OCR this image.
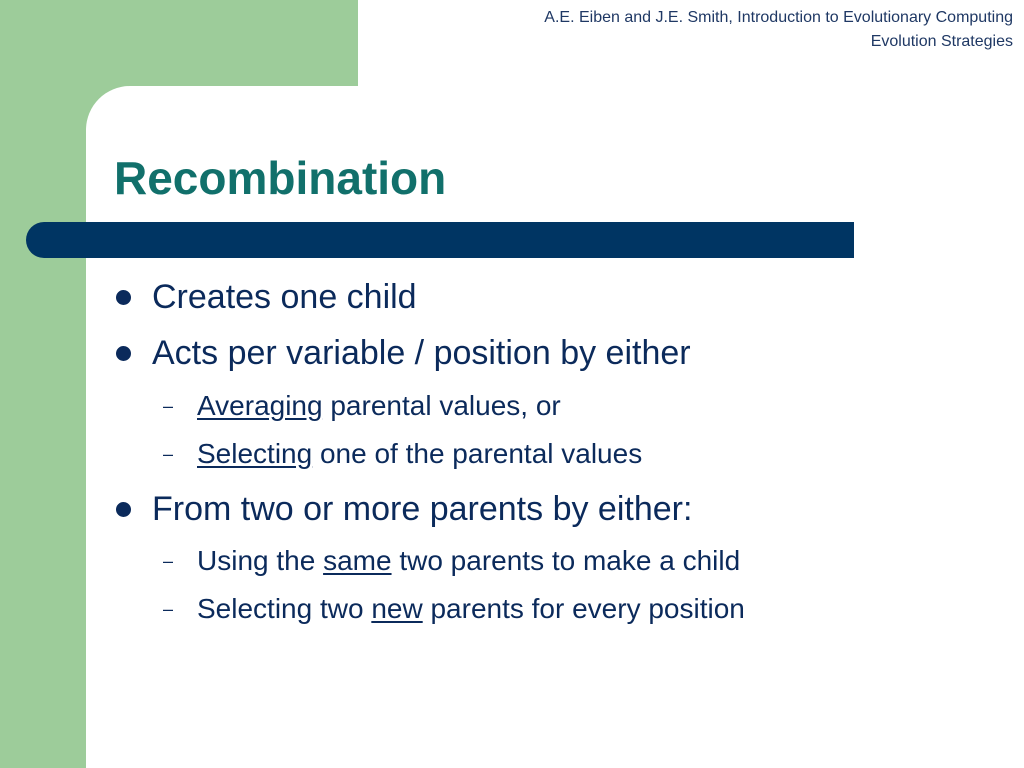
A.E. Eiben and J.E. Smith, Introduction to Evolutionary Computing
Evolution Strategies
Recombination
Creates one child
Acts per variable / position by either
– Averaging parental values, or
– Selecting one of the parental values
From two or more parents by either:
– Using the same two parents to make a child
– Selecting two new parents for every position
